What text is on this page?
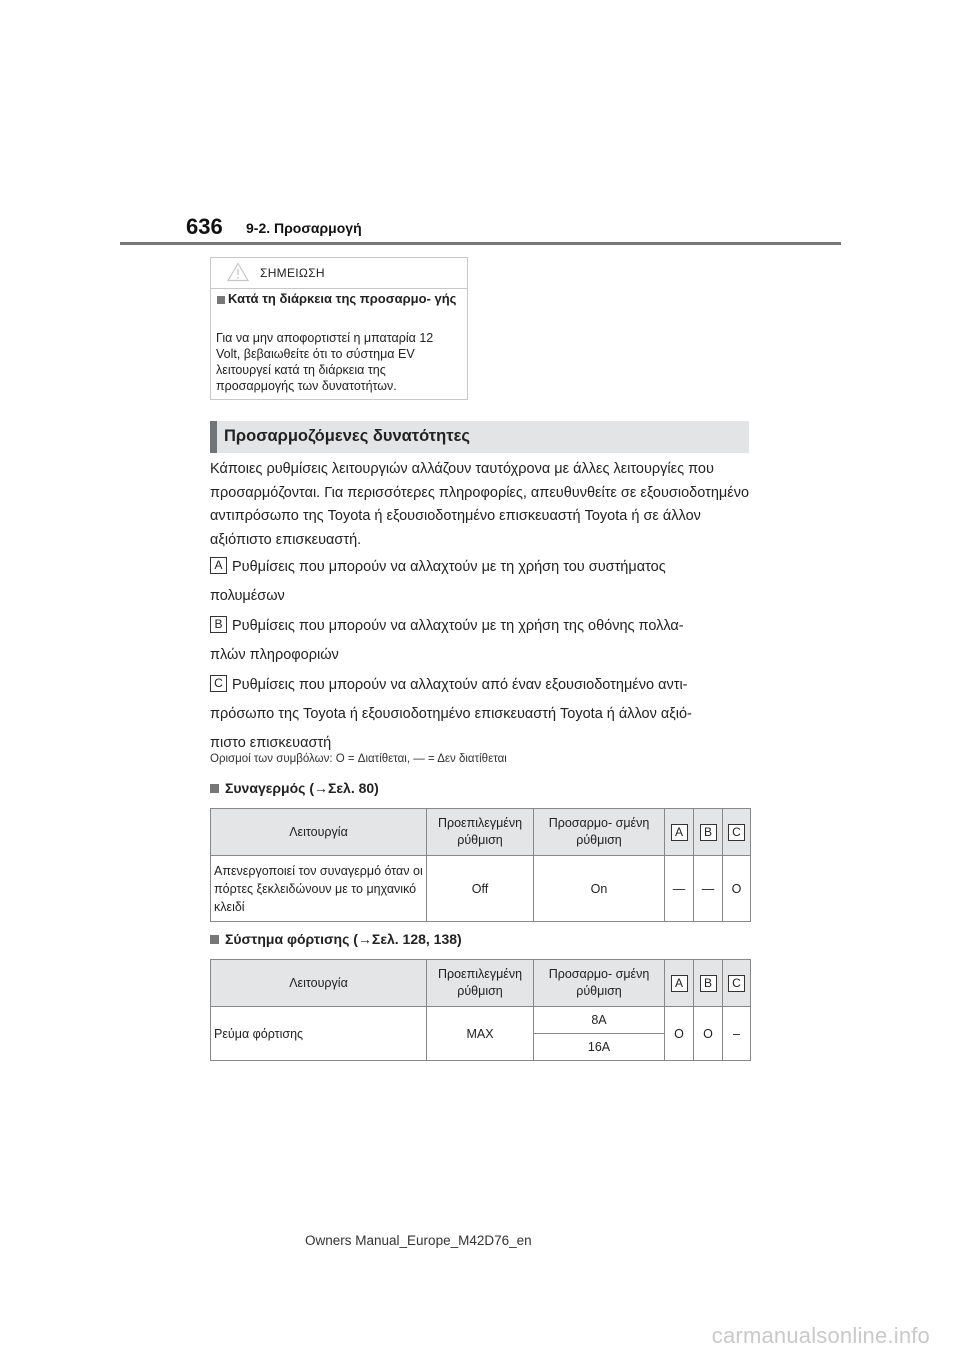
636 9-2. Προσαρμογή
ΣΗΜΕΙΩΣΗ
Κατά τη διάρκεια της προσαρμο- γής
Για να μην αποφορτιστεί η μπαταρία 12 Volt, βεβαιωθείτε ότι το σύστημα EV λειτουργεί κατά τη διάρκεια της προσαρμογής των δυνατοτήτων.
Προσαρμοζόμενες δυνατότητες
Κάποιες ρυθμίσεις λειτουργιών αλλάζουν ταυτόχρονα με άλλες λειτουργίες που προσαρμόζονται. Για περισσότερες πληροφορίες, απευθυνθείτε σε εξουσιοδοτημένο αντιπρόσωπο της Toyota ή εξουσιοδοτημένο επισκευαστή Toyota ή σε άλλον αξιόπιστο επισκευαστή.
A Ρυθμίσεις που μπορούν να αλλαχτούν με τη χρήση του συστήματος
πολυμέσων
B Ρυθμίσεις που μπορούν να αλλαχτούν με τη χρήση της οθόνης πολλα-
πλών πληροφοριών
C Ρυθμίσεις που μπορούν να αλλαχτούν από έναν εξουσιοδοτημένο αντι-
πρόσωπο της Toyota ή εξουσιοδοτημένο επισκευαστή Toyota ή άλλον αξιό-
πιστο επισκευαστή
Ορισμοί των συμβόλων: O = Διατίθεται, — = Δεν διατίθεται
Συναγερμός (→Σελ. 80)
Λειτουργία	Προεπιλεγμένη ρύθμιση	Προσαρμο- σμένη ρύθμιση	A	B	C
Απενεργοποιεί τον συναγερμό όταν οι πόρτες ξεκλειδώνουν με το μηχανικό κλειδί	Off	On	—	—	O
Σύστημα φόρτισης (→Σελ. 128, 138)
Λειτουργία	Προεπιλεγμένη ρύθμιση	Προσαρμο- σμένη ρύθμιση	A	B	C
Ρεύμα φόρτισης	MAX	8A	O	O	–
		16A			
Owners Manual_Europe_M42D76_en
carmanualsonline.info
